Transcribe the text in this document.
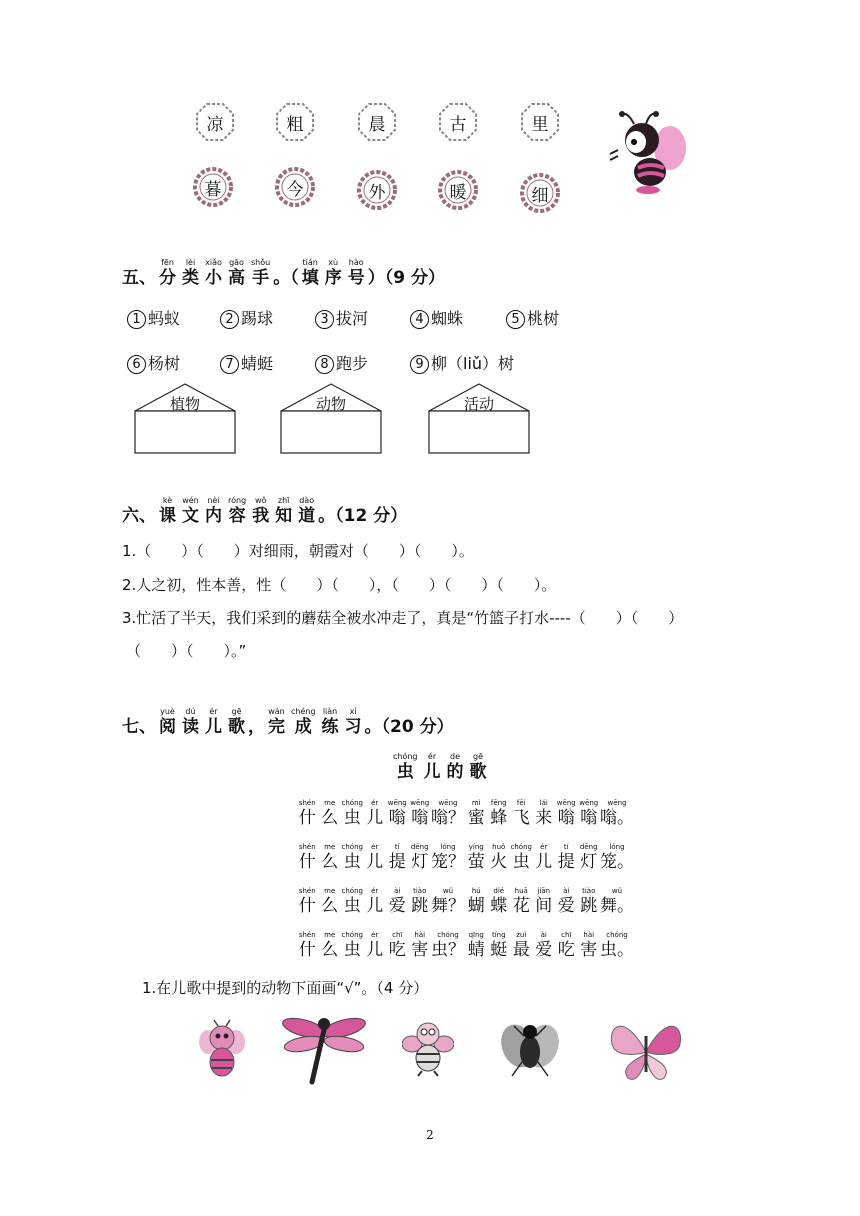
凉	粗	晨	古	里
暮	今	外	暖	细
五、
fēn
分
lèi
类
xiǎo
小
gāo
高
shǒu
手 。（
tián
填
xù
序
hào
号 ）（9 分）
1 蚂蚁	2 踢球	3 拔河	4 蜘蛛	5 桃树
6 杨树	7 蜻蜓	8 跑步	9 柳（liǔ）树
植物	动物	活动
六、
kè
课
wén
文
nèi
内
róng
容
wǒ
我
zhī
知
dào
道 。（12 分）
1.（　　）（　　）对细雨，朝霞对（　　）（　　）。
2.人之初，性本善，性（　　）（　　），（　　）（　　）（　　）。
3.忙活了半天，我们采到的蘑菇全被水冲走了，真是“竹篮子打水----（　　）（　　）
（　　）（　　）。”
七、
yuè
阅
dú
读
ér
儿
gē
歌 ，
wán
完
chéng
成
liàn
练
xí
习 。（20 分）
chóng
虫
ér
儿
de
的
gē
歌
shén
什
me
么
chóng
虫
ér
儿
wēng
嗡
wēng
嗡
wēng
嗡？
mì
蜜
fēng
蜂
fēi
飞
lái
来
wēng
嗡
wēng
嗡
wēng
嗡。
shén
什
me
么
chóng
虫
ér
儿
tí
提
dēng
灯
lóng
笼？
yíng
萤
huǒ
火
chóng
虫
ér
儿
tí
提
dēng
灯
lóng
笼。
shén
什
me
么
chóng
虫
ér
儿
ài
爱
tiào
跳
wǔ
舞？
hú
蝴
dié
蝶
huā
花
jiān
间
ài
爱
tiào
跳
wǔ
舞。
shén
什
me
么
chóng
虫
ér
儿
chī
吃
hài
害
chóng
虫？
qīng
蜻
tíng
蜓
zuì
最
ài
爱
chī
吃
hài
害
chóng
虫。
1.在儿歌中提到的动物下面画“√”。（4 分）
2
